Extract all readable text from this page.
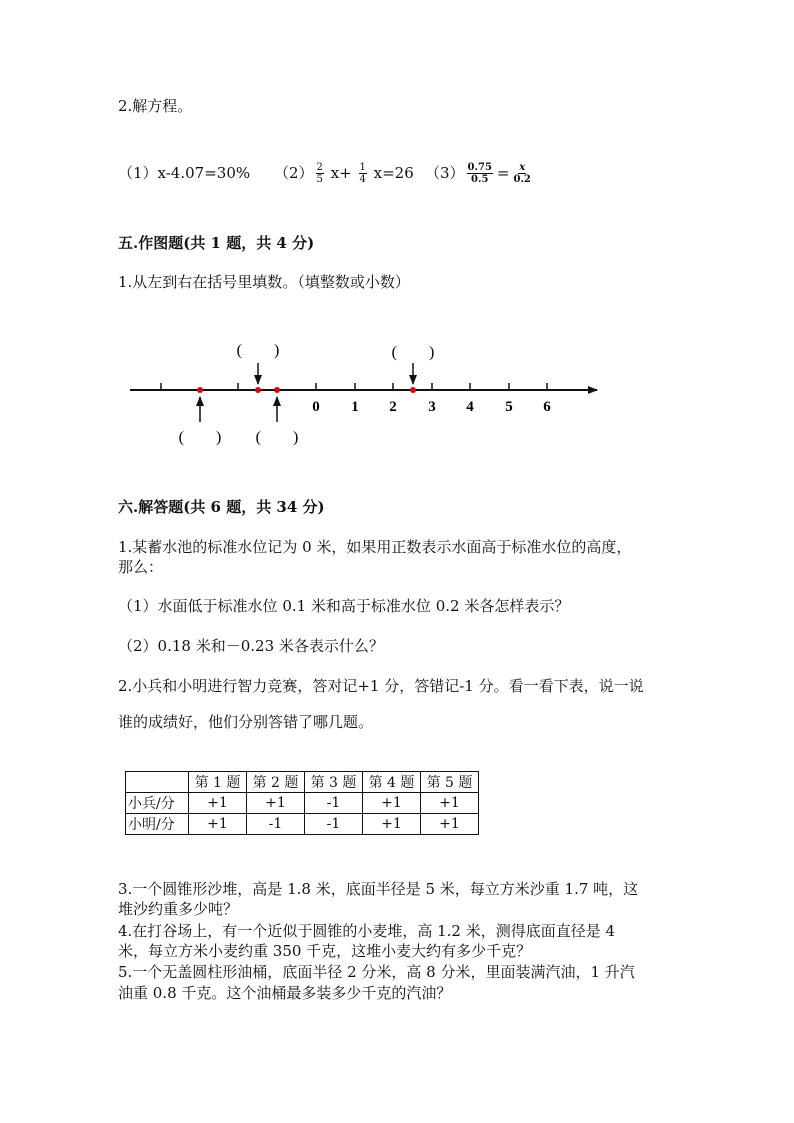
2.解方程。
（1）x-4.07=30% $(2) \frac{2}{5} x+ \frac{1}{4} x=26$ $(3) \frac{0.75}{0.5} = \frac{x}{0.2}$
五.作图题(共 1 题，共 4 分)
1.从左到右在括号里填数。（填整数或小数）
0 1 2 3 4 5 6
(        )	(        )
(        ) (        )
六.解答题(共 6 题，共 34 分)
1.某蓄水池的标准水位记为 0 米，如果用正数表示水面高于标准水位的高度，
那么：
（1）水面低于标准水位 0.1 米和高于标准水位 0.2 米各怎样表示？
（2）0.18 米和－0.23 米各表示什么？
2.小兵和小明进行智力竞赛，答对记+1 分，答错记-1 分。看一看下表，说一说
谁的成绩好，他们分别答错了哪几题。
	第 1 题	第 2 题	第 3 题	第 4 题	第 5 题
小兵/分	+1	+1	-1	+1	+1
小明/分	+1	-1	-1	+1	+1
3.一个圆锥形沙堆，高是 1.8 米，底面半径是 5 米，每立方米沙重 1.7 吨，这
堆沙约重多少吨？
4.在打谷场上，有一个近似于圆锥的小麦堆，高 1.2 米，测得底面直径是 4
米，每立方米小麦约重 350 千克，这堆小麦大约有多少千克？
5.一个无盖圆柱形油桶，底面半径 2 分米，高 8 分米，里面装满汽油，1 升汽
油重 0.8 千克。这个油桶最多装多少千克的汽油？
